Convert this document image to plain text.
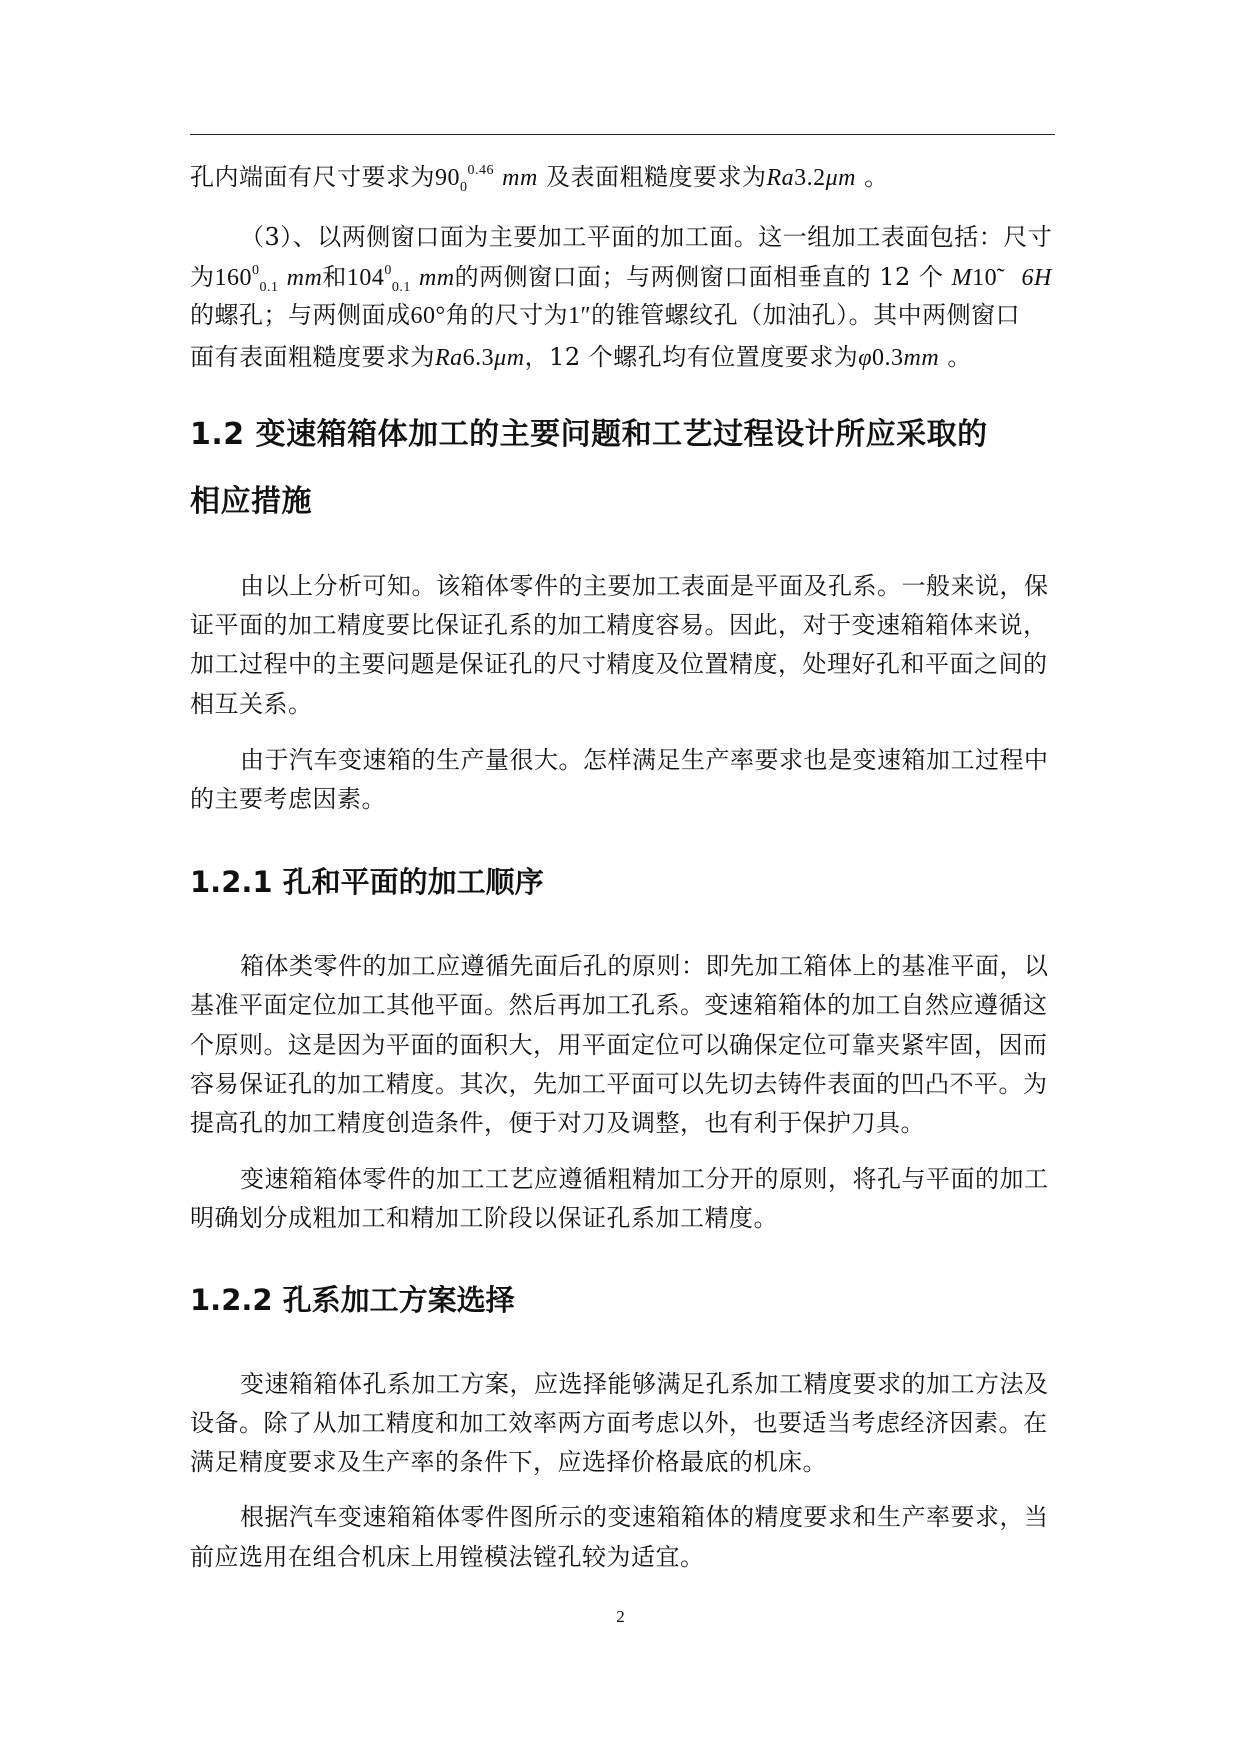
孔内端面有尺寸要求为$90_0^{0.46}$ mm 及表面粗糙度要求为Ra3.2μm 。
（3）、以两侧窗口面为主要加工平面的加工面。这一组加工表面包括：尺寸
为$160^0_{0.1}$ mm和$104^0_{0.1}$ mm的两侧窗口面；与两侧窗口面相垂直的 12 个 M10̃ 6H
的螺孔；与两侧面成60°角的尺寸为1″的锥管螺纹孔（加油孔）。其中两侧窗口
面有表面粗糙度要求为Ra6.3μm，12 个螺孔均有位置度要求为φ0.3mm 。
1.2 变速箱箱体加工的主要问题和工艺过程设计所应采取的
相应措施
由以上分析可知。该箱体零件的主要加工表面是平面及孔系。一般来说，保
证平面的加工精度要比保证孔系的加工精度容易。因此，对于变速箱箱体来说，
加工过程中的主要问题是保证孔的尺寸精度及位置精度，处理好孔和平面之间的
相互关系。
由于汽车变速箱的生产量很大。怎样满足生产率要求也是变速箱加工过程中
的主要考虑因素。
1.2.1 孔和平面的加工顺序
箱体类零件的加工应遵循先面后孔的原则：即先加工箱体上的基准平面，以
基准平面定位加工其他平面。然后再加工孔系。变速箱箱体的加工自然应遵循这
个原则。这是因为平面的面积大，用平面定位可以确保定位可靠夹紧牢固，因而
容易保证孔的加工精度。其次，先加工平面可以先切去铸件表面的凹凸不平。为
提高孔的加工精度创造条件，便于对刀及调整，也有利于保护刀具。
变速箱箱体零件的加工工艺应遵循粗精加工分开的原则，将孔与平面的加工
明确划分成粗加工和精加工阶段以保证孔系加工精度。
1.2.2 孔系加工方案选择
变速箱箱体孔系加工方案，应选择能够满足孔系加工精度要求的加工方法及
设备。除了从加工精度和加工效率两方面考虑以外，也要适当考虑经济因素。在
满足精度要求及生产率的条件下，应选择价格最底的机床。
根据汽车变速箱箱体零件图所示的变速箱箱体的精度要求和生产率要求，当
前应选用在组合机床上用镗模法镗孔较为适宜。
2
